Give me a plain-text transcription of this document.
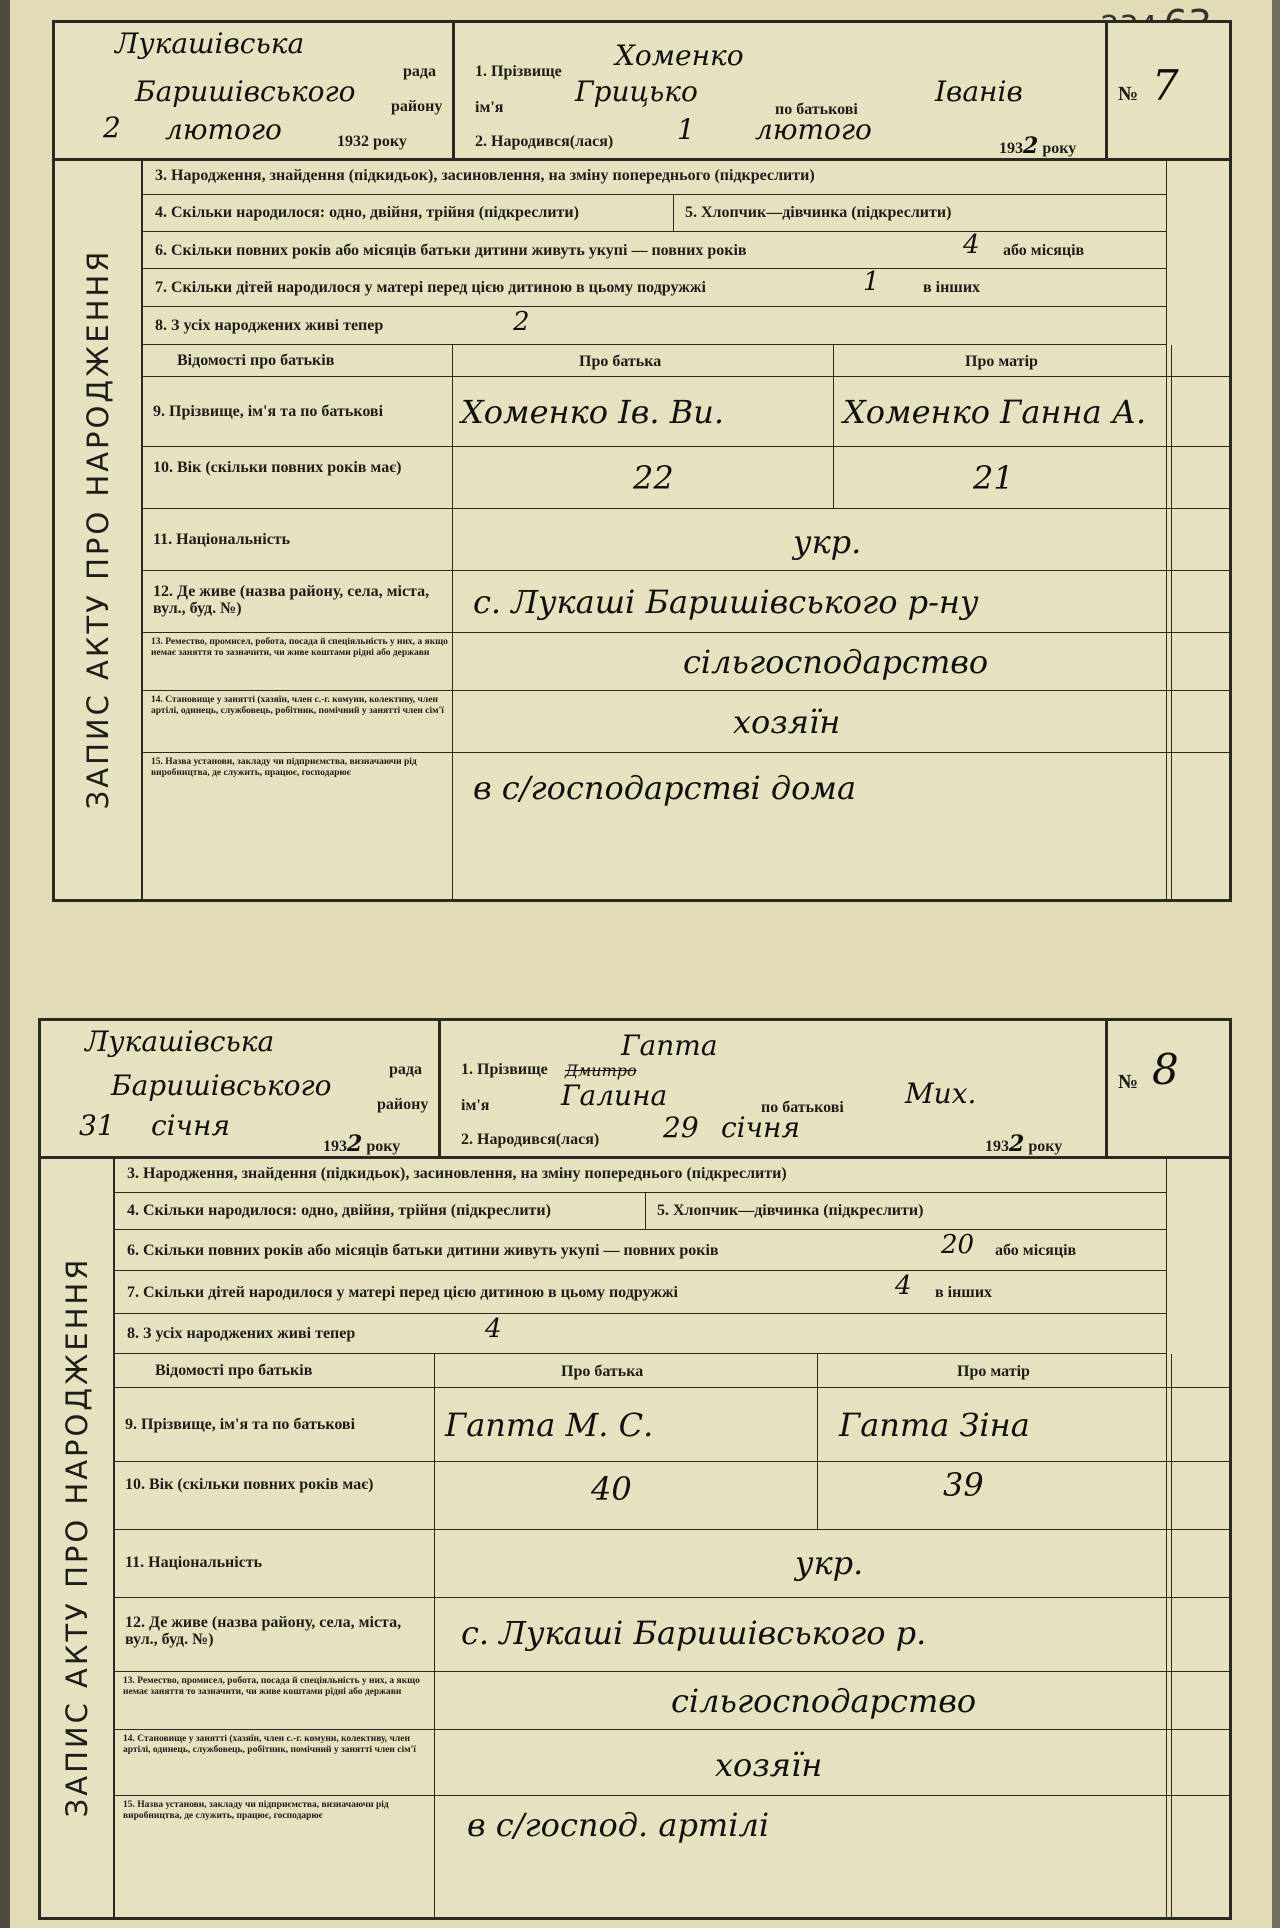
Лукашівська
рада
Баришівського району
2 лютого	1932 року
1. Прізвище Хоменко
ім'я	Грицько
по батькові
Іванів
2. Народився(лася) 1 лютого
1932 року
№ 7
ЗАПИС АКТУ ПРО НАРОДЖЕННЯ
3. Народження, знайдення (підкидьок), засиновлення, на зміну попереднього (підкреслити)
4. Скільки народилося: одно, двійня, трійня (підкреслити)	5. Хлопчик—дівчинка (підкреслити)
6. Скільки повних років або місяців батьки дитини живуть укупі — повних років	4 або місяців
7. Скільки дітей народилося у матері перед цією дитиною в цьому подружжі	1	в інших
8. З усіх народжених живі тепер	2
Відомості про батьків	Про батька	Про матір
9. Прізвище, ім'я та по батькові	Хоменко Ів. Ви.	Хоменко Ганна А.
10. Вік (скільки повних років має)	22	21
11. Національність	укр.
12. Де живе (назва району, села, міста, вул., буд. №)	с. Лукаші Баришівського р-ну
13. Ремество, промисел, робота, посада й спеціяльність у них, а якщо немає заняття то зазначити, чи живе коштами рідні або держави	сільгосподарство
14. Становище у занятті (хазяїн, член с.-г. комуни, колективу, член артілі, одинець, службовець, робітник, помічний у занятті член сім'ї	хозяїн
15. Назва установи, закладу чи підприємства, визначаючи рід виробництва, де служить, працює, господарює	в с/господарстві дома
Лукашівська
рада
Баришівського
району
31 січня
1932 року
1. Прізвище
Гапта
ім'я
Дмитро
Галина	по батькові Мих.
2. Народився(лася) 29 січня
1932 року
№ 8
ЗАПИС АКТУ ПРО НАРОДЖЕННЯ
3. Народження, знайдення (підкидьок), засиновлення, на зміну попереднього (підкреслити)
4. Скільки народилося: одно, двійня, трійня (підкреслити)	5. Хлопчик—дівчинка (підкреслити)
6. Скільки повних років або місяців батьки дитини живуть укупі — повних років	20 або місяців
7. Скільки дітей народилося у матері перед цією дитиною в цьому подружжі	4 в інших
8. З усіх народжених живі тепер	4
Відомості про батьків	Про батька	Про матір
9. Прізвище, ім'я та по батькові	Гапта М. С.	Гапта Зіна
10. Вік (скільки повних років має)	40	39
11. Національність	укр.
12. Де живе (назва району, села, міста, вул., буд. №)	с. Лукаші Баришівського р.
13. Ремество, промисел, робота, посада й спеціяльність у них, а якщо немає заняття то зазначити, чи живе коштами рідні або держави	сільгосподарство
14. Становище у занятті (хазяїн, член с.-г. комуни, колективу, член артілі, одинець, службовець, робітник, помічний у занятті член сім'ї	хозяїн
15. Назва установи, закладу чи підприємства, визначаючи рід виробництва, де служить, працює, господарює	в с/господ. артілі
